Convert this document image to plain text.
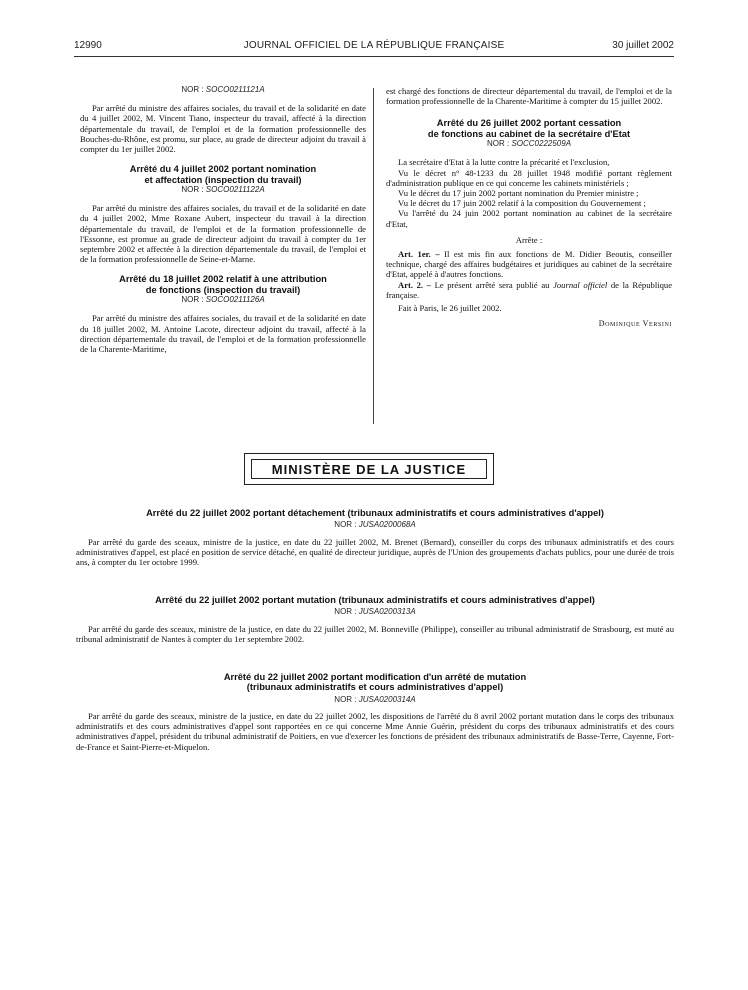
12990	JOURNAL OFFICIEL DE LA RÉPUBLIQUE FRANÇAISE	30 juillet 2002
NOR : SOCO0211121A

Par arrêté du ministre des affaires sociales, du travail et de la solidarité en date du 4 juillet 2002, M. Vincent Tiano, inspecteur du travail, affecté à la direction départementale du travail, de l'emploi et de la formation professionnelle des Bouches-du-Rhône, est promu, sur place, au grade de directeur adjoint du travail à compter du 1er juillet 2002.

Arrêté du 4 juillet 2002 portant nomination
et affectation (inspection du travail)
NOR : SOCO0211122A

Par arrêté du ministre des affaires sociales, du travail et de la solidarité en date du 4 juillet 2002, Mme Roxane Aubert, inspecteur du travail à la direction départementale du travail, de l'emploi et de la formation professionnelle de l'Essonne, est promue au grade de directeur adjoint du travail à compter du 1er septembre 2002 et affectée à la direction départementale du travail, de l'emploi et de la formation professionnelle de Seine-et-Marne.

Arrêté du 18 juillet 2002 relatif à une attribution
de fonctions (inspection du travail)
NOR : SOCO0211126A

Par arrêté du ministre des affaires sociales, du travail et de la solidarité en date du 18 juillet 2002, M. Antoine Lacote, directeur adjoint du travail, affecté à la direction départementale du travail, de l'emploi et de la formation professionnelle de la Charente-Maritime,

est chargé des fonctions de directeur départemental du travail, de l'emploi et de la formation professionnelle de la Charente-Maritime à compter du 15 juillet 2002.

Arrêté du 26 juillet 2002 portant cessation
de fonctions au cabinet de la secrétaire d'Etat
NOR : SOCC0222509A

La secrétaire d'Etat à la lutte contre la précarité et l'exclusion,

Vu le décret n° 48-1233 du 28 juillet 1948 modifié portant règlement d'administration publique en ce qui concerne les cabinets ministériels ;

Vu le décret du 17 juin 2002 portant nomination du Premier ministre ;

Vu le décret du 17 juin 2002 relatif à la composition du Gouvernement ;

Vu l'arrêté du 24 juin 2002 portant nomination au cabinet de la secrétaire d'Etat,

Arrête :

Art. 1er. – Il est mis fin aux fonctions de M. Didier Beoutis, conseiller technique, chargé des affaires budgétaires et juridiques au cabinet de la secrétaire d'Etat, appelé à d'autres fonctions.

Art. 2. – Le présent arrêté sera publié au Journal officiel de la République française.

Fait à Paris, le 26 juillet 2002.

Dominique Versini
MINISTÈRE DE LA JUSTICE
Arrêté du 22 juillet 2002 portant détachement (tribunaux administratifs et cours administratives d'appel)
NOR : JUSA0200068A

Par arrêté du garde des sceaux, ministre de la justice, en date du 22 juillet 2002, M. Brenet (Bernard), conseiller du corps des tribunaux administratifs et des cours administratives d'appel, est placé en position de service détaché, en qualité de directeur juridique, auprès de l'Union des groupements d'achats publics, pour une durée de trois ans, à compter du 1er octobre 1999.

Arrêté du 22 juillet 2002 portant mutation (tribunaux administratifs et cours administratives d'appel)
NOR : JUSA0200313A

Par arrêté du garde des sceaux, ministre de la justice, en date du 22 juillet 2002, M. Bonneville (Philippe), conseiller au tribunal administratif de Strasbourg, est muté au tribunal administratif de Nantes à compter du 1er septembre 2002.

Arrêté du 22 juillet 2002 portant modification d'un arrêté de mutation
(tribunaux administratifs et cours administratives d'appel)
NOR : JUSA0200314A

Par arrêté du garde des sceaux, ministre de la justice, en date du 22 juillet 2002, les dispositions de l'arrêté du 8 avril 2002 portant mutation dans le corps des tribunaux administratifs et des cours administratives d'appel sont rapportées en ce qui concerne Mme Annie Guérin, président du corps des tribunaux administratifs et des cours administratives d'appel, président du tribunal administratif de Poitiers, en vue d'exercer les fonctions de président des tribunaux administratifs de Basse-Terre, Cayenne, Fort-de-France et Saint-Pierre-et-Miquelon.
